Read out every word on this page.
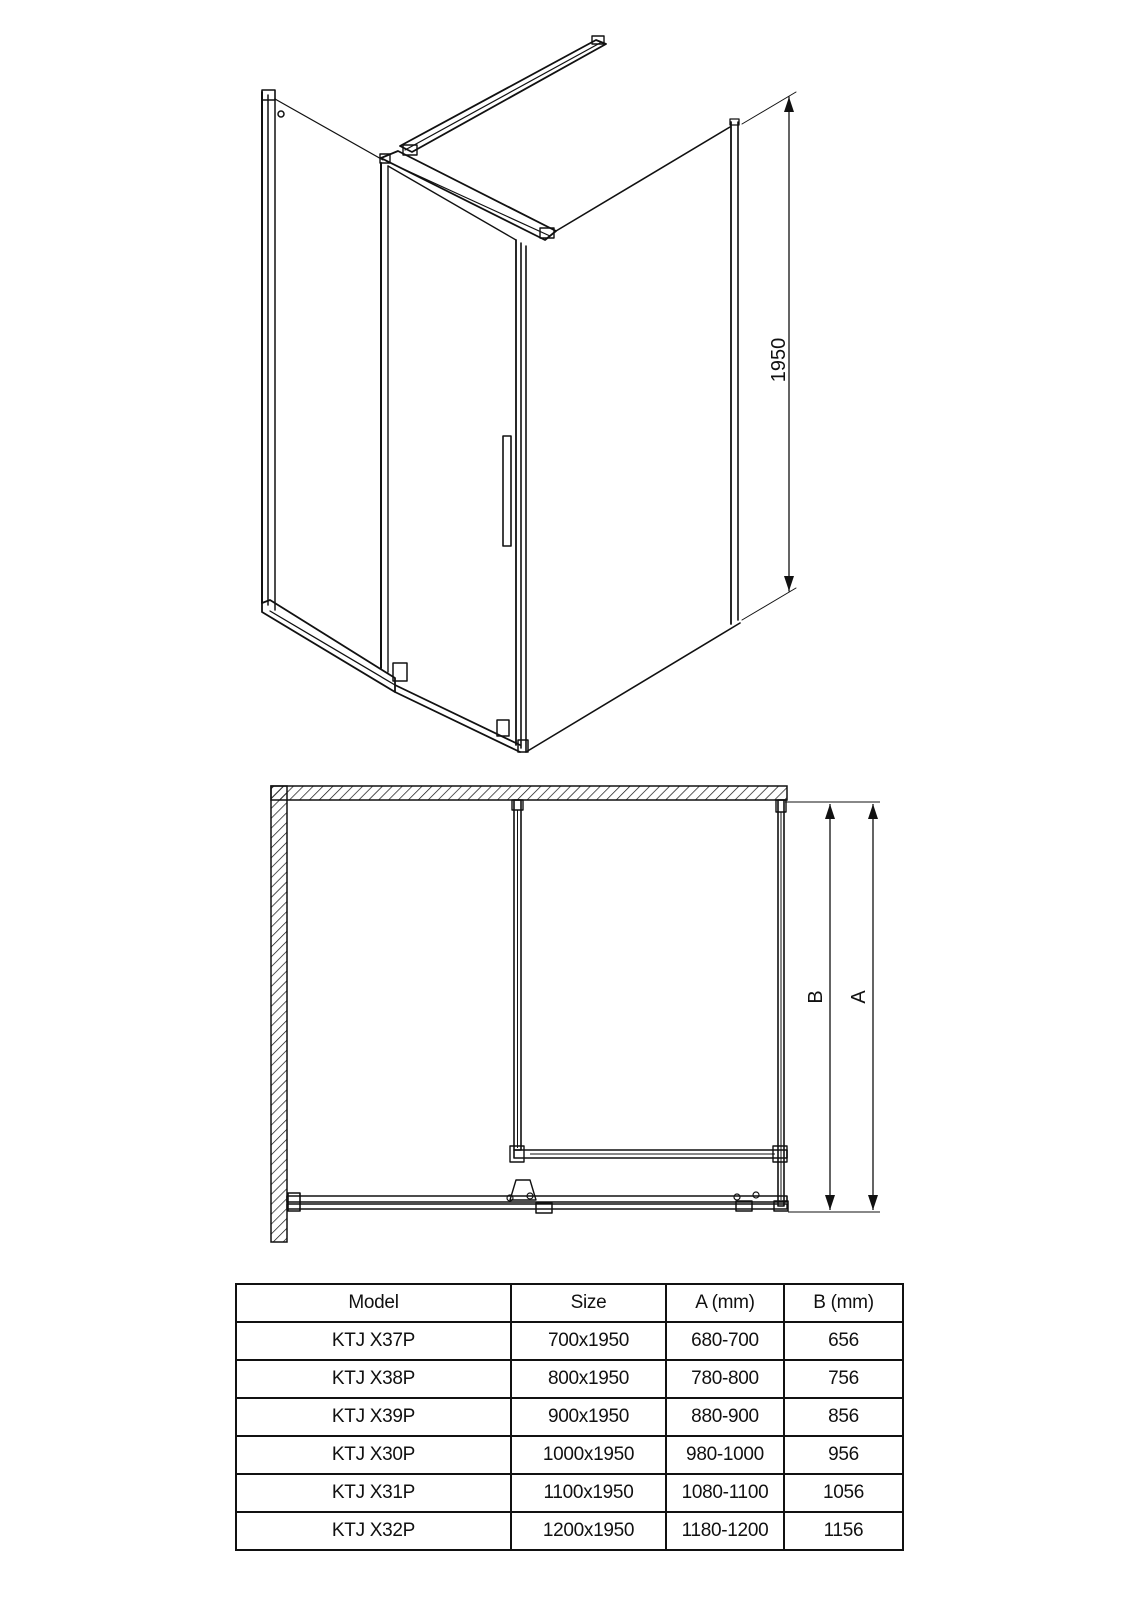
1950
B A
Model	Size	A (mm)	B (mm)
KTJ X37P	700x1950	680-700	656
KTJ X38P	800x1950	780-800	756
KTJ X39P	900x1950	880-900	856
KTJ X30P	1000x1950	980-1000	956
KTJ X31P	1100x1950	1080-1100	1056
KTJ X32P	1200x1950	1180-1200	1156
